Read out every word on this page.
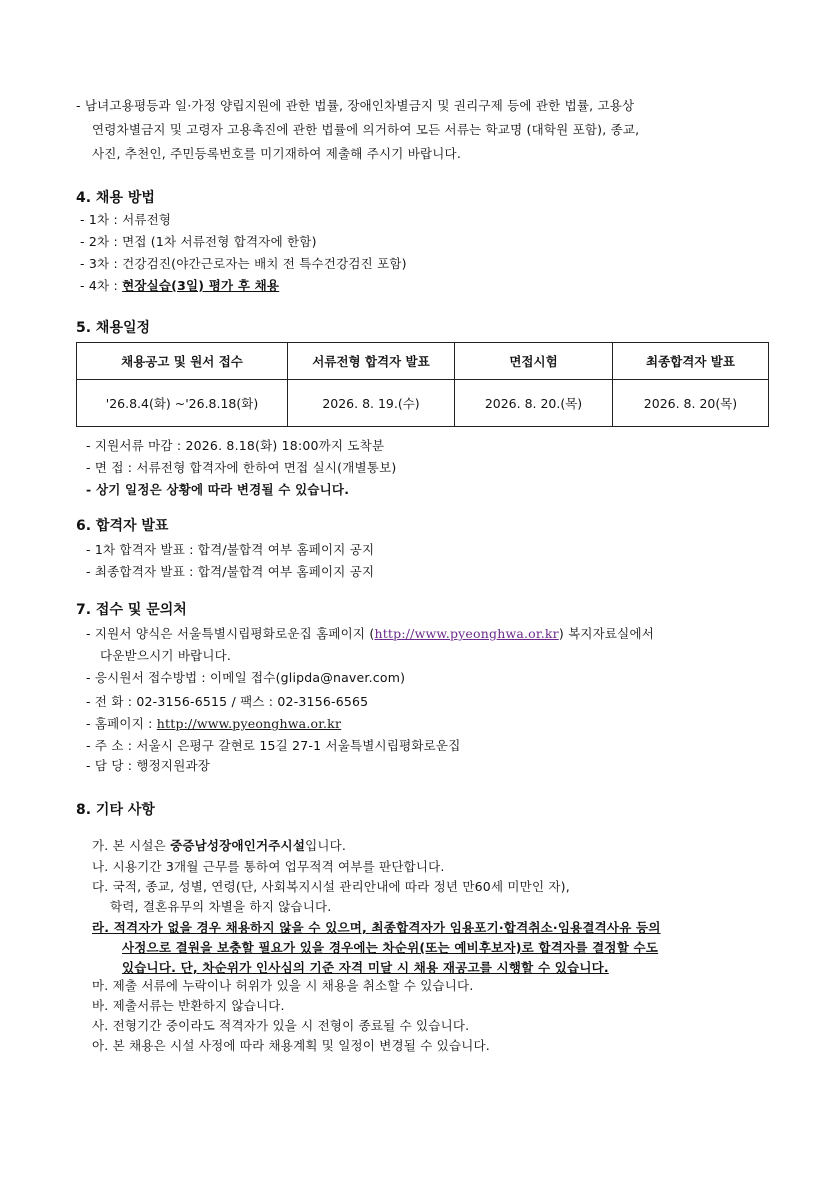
- 남녀고용평등과 일·가정 양립지원에 관한 법률, 장애인차별금지 및 권리구제 등에 관한 법률, 고용상
연령차별금지 및 고령자 고용촉진에 관한 법률에 의거하여 모든 서류는 학교명 (대학원 포함), 종교,
사진, 추천인, 주민등록번호를 미기재하여 제출해 주시기 바랍니다.
4. 채용 방법
- 1차 : 서류전형
- 2차 : 면접 (1차 서류전형 합격자에 한함)
- 3차 : 건강검진(야간근로자는 배치 전 특수건강검진 포함)
- 4차 : 현장실습(3일) 평가 후 채용
5. 채용일정
채용공고 및 원서 접수	서류전형 합격자 발표	면접시험	최종합격자 발표
'26.8.4(화) ~'26.8.18(화)	2026. 8. 19.(수)	2026. 8. 20.(목)	2026. 8. 20(목)
- 지원서류 마감 : 2026. 8.18(화) 18:00까지 도착분
- 면 접 : 서류전형 합격자에 한하여 면접 실시(개별통보)
- 상기 일정은 상황에 따라 변경될 수 있습니다.
6. 합격자 발표
- 1차 합격자 발표 : 합격/불합격 여부 홈페이지 공지
- 최종합격자 발표 : 합격/불합격 여부 홈페이지 공지
7. 접수 및 문의처
- 지원서 양식은 서울특별시립평화로운집 홈페이지 (http://www.pyeonghwa.or.kr) 복지자료실에서
다운받으시기 바랍니다.
- 응시원서 접수방법 : 이메일 접수(glipda@naver.com)
- 전 화 : 02-3156-6515 / 팩스 : 02-3156-6565
- 홈페이지 : http://www.pyeonghwa.or.kr
- 주 소 : 서울시 은평구 갈현로 15길 27-1 서울특별시립평화로운집
- 담 당 : 행정지원과장
8. 기타 사항
가. 본 시설은 중증남성장애인거주시설입니다.
나. 시용기간 3개월 근무를 통하여 업무적격 여부를 판단합니다.
다. 국적, 종교, 성별, 연령(단, 사회복지시설 관리안내에 따라 정년 만60세 미만인 자),
학력, 결혼유무의 차별을 하지 않습니다.
라. 적격자가 없을 경우 채용하지 않을 수 있으며, 최종합격자가 임용포기·합격취소·임용결격사유 등의
사정으로 결원을 보충할 필요가 있을 경우에는 차순위(또는 예비후보자)로 합격자를 결정할 수도
있습니다. 단, 차순위가 인사심의 기준 자격 미달 시 채용 재공고를 시행할 수 있습니다.
마. 제출 서류에 누락이나 허위가 있을 시 채용을 취소할 수 있습니다.
바. 제출서류는 반환하지 않습니다.
사. 전형기간 중이라도 적격자가 있을 시 전형이 종료될 수 있습니다.
아. 본 채용은 시설 사정에 따라 채용계획 및 일정이 변경될 수 있습니다.
